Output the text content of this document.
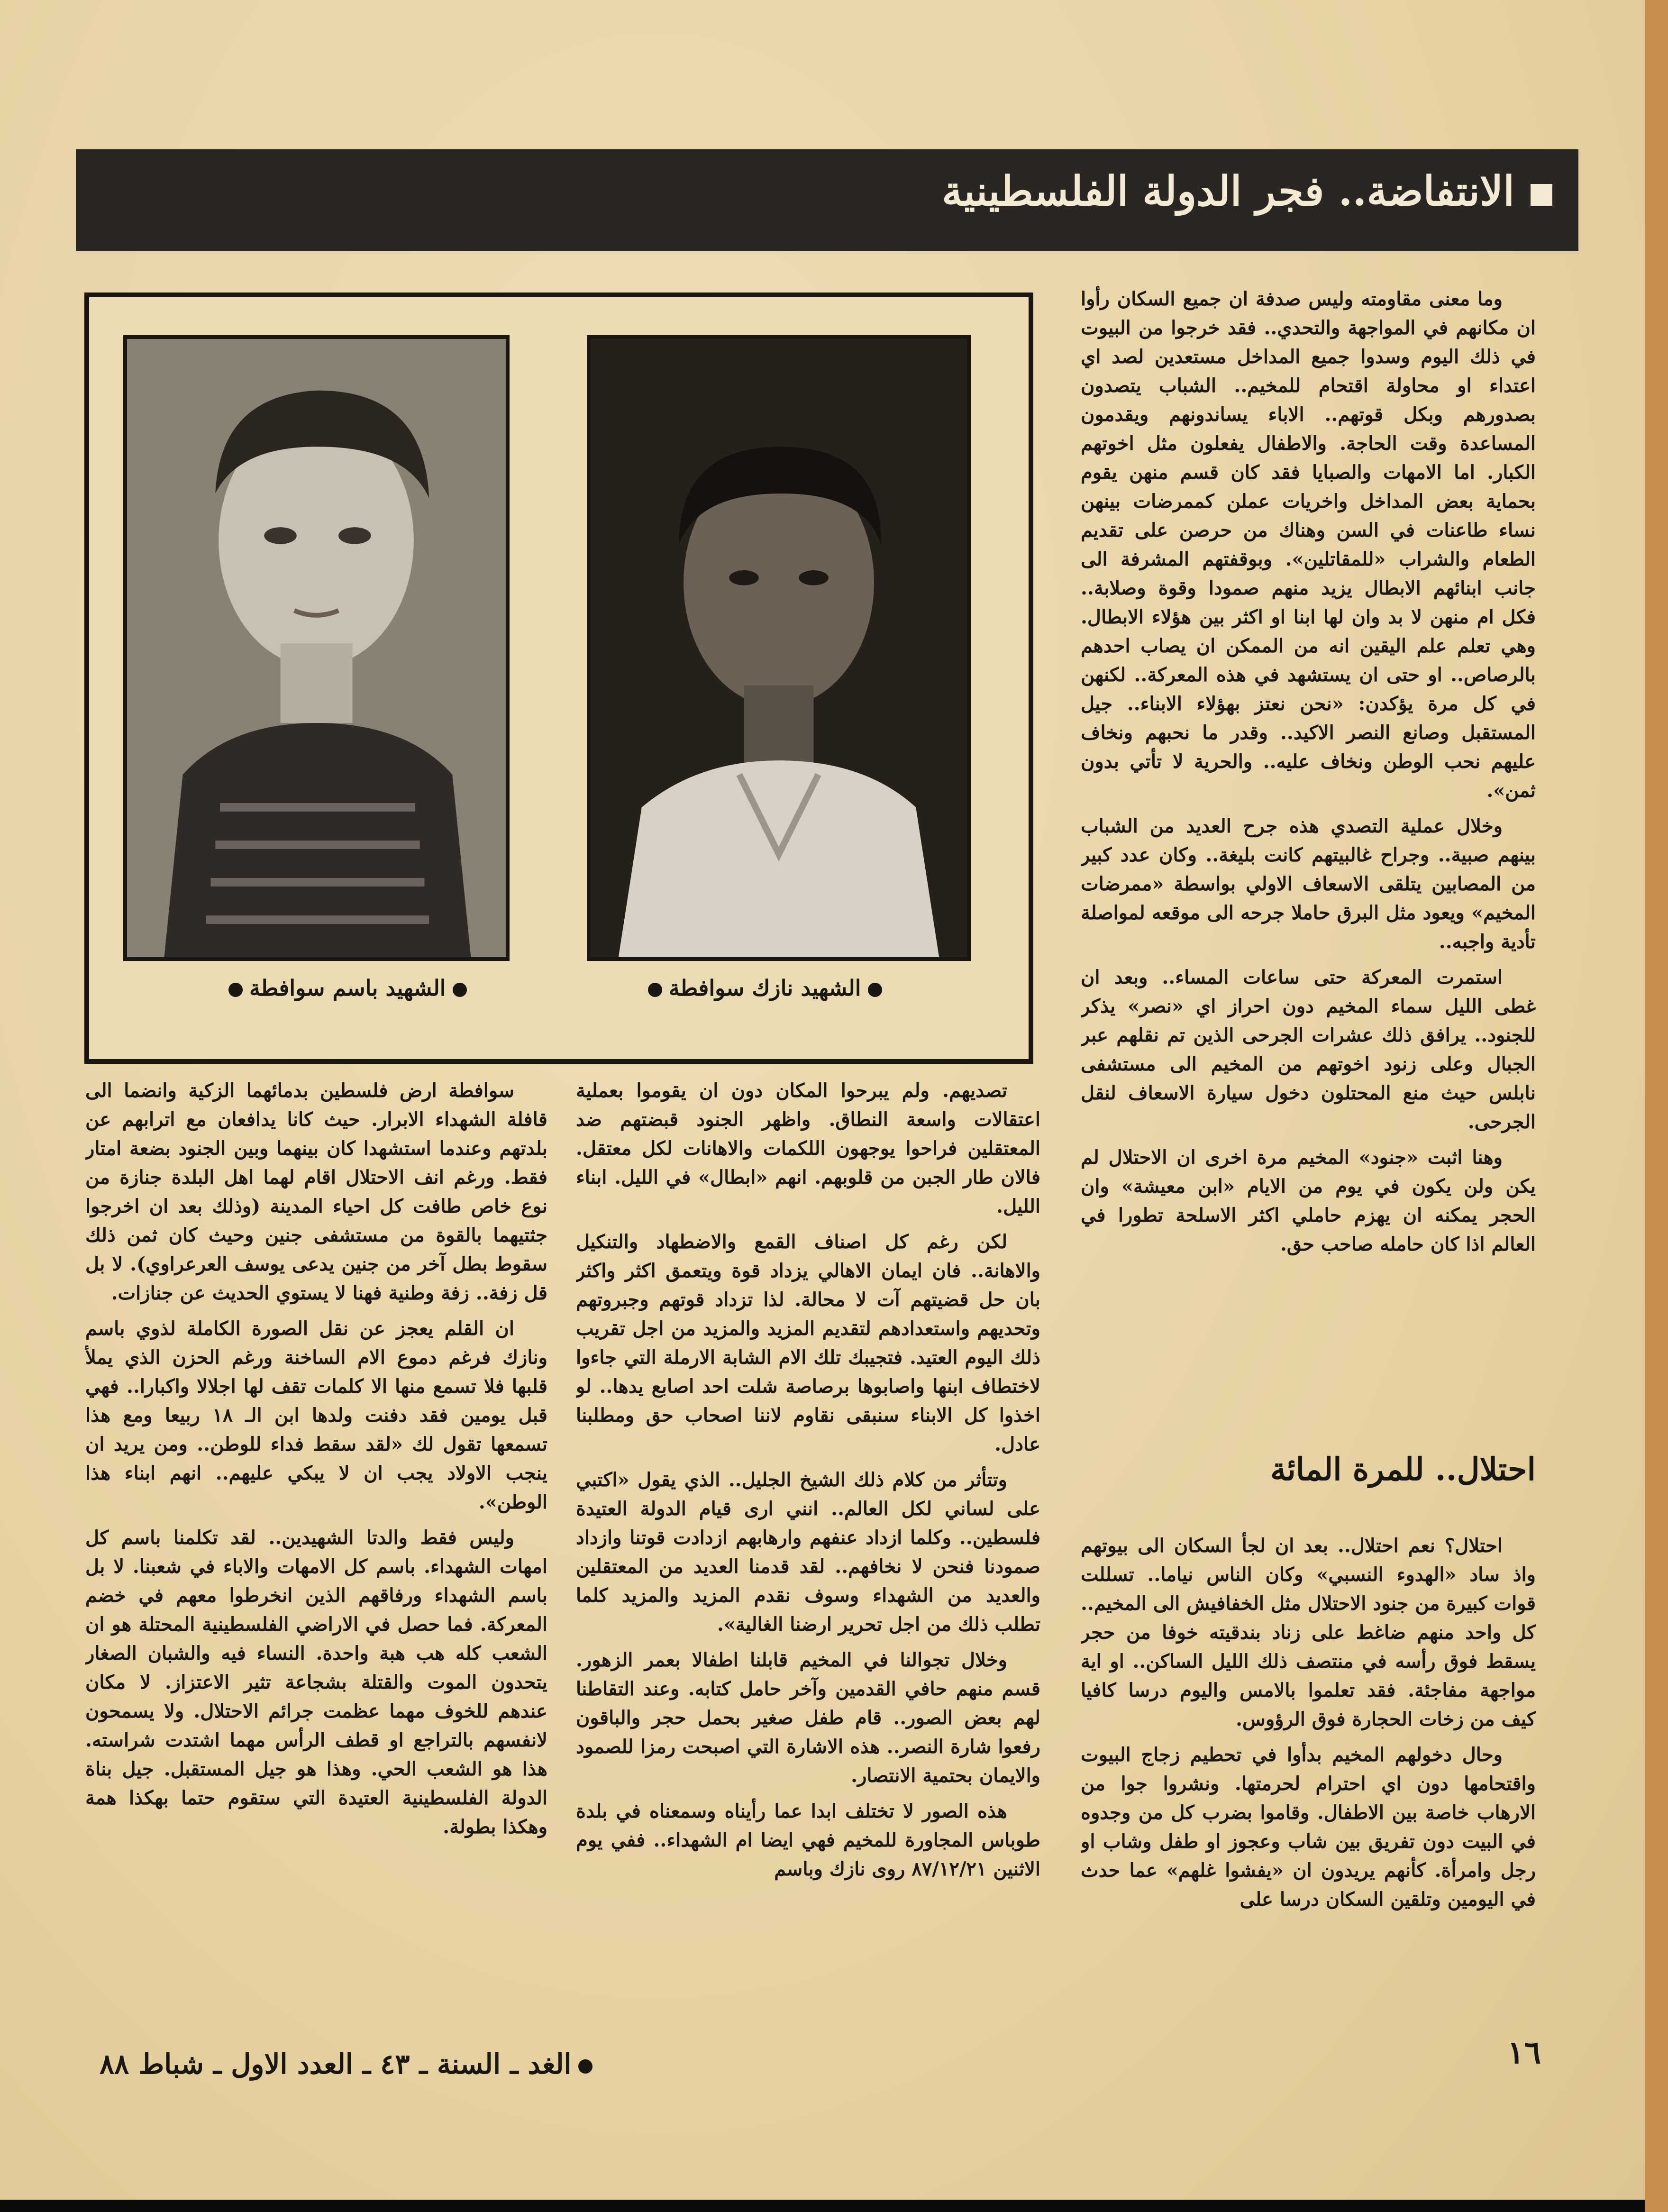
الانتفاضة.. فجر الدولة الفلسطينية
الشهيد باسم سوافطة	الشهيد نازك سوافطة

وما معنى مقاومته وليس صدفة ان جميع السكان رأوا ان مكانهم في المواجهة والتحدي.. فقد خرجوا من البيوت في ذلك اليوم وسدوا جميع المداخل مستعدين لصد اي اعتداء او محاولة اقتحام للمخيم.. الشباب يتصدون بصدورهم وبكل قوتهم.. الاباء يساندونهم ويقدمون المساعدة وقت الحاجة. والاطفال يفعلون مثل اخوتهم الكبار. اما الامهات والصبايا فقد كان قسم منهن يقوم بحماية بعض المداخل واخريات عملن كممرضات بينهن نساء طاعنات في السن وهناك من حرصن على تقديم الطعام والشراب «للمقاتلين». وبوقفتهم المشرفة الى جانب ابنائهم الابطال يزيد منهم صمودا وقوة وصلابة.. فكل ام منهن لا بد وان لها ابنا او اكثر بين هؤلاء الابطال. وهي تعلم علم اليقين انه من الممكن ان يصاب احدهم بالرصاص.. او حتى ان يستشهد في هذه المعركة.. لكنهن في كل مرة يؤكدن: «نحن نعتز بهؤلاء الابناء.. جيل المستقبل وصانع النصر الاكيد.. وقدر ما نحبهم ونخاف عليهم نحب الوطن ونخاف عليه.. والحرية لا تأتي بدون ثمن».

وخلال عملية التصدي هذه جرح العديد من الشباب بينهم صبية.. وجراح غالبيتهم كانت بليغة.. وكان عدد كبير من المصابين يتلقى الاسعاف الاولي بواسطة «ممرضات المخيم» ويعود مثل البرق حاملا جرحه الى موقعه لمواصلة تأدية واجبه..

استمرت المعركة حتى ساعات المساء.. وبعد ان غطى الليل سماء المخيم دون احراز اي «نصر» يذكر للجنود.. يرافق ذلك عشرات الجرحى الذين تم نقلهم عبر الجبال وعلى زنود اخوتهم من المخيم الى مستشفى نابلس حيث منع المحتلون دخول سيارة الاسعاف لنقل الجرحى.

وهنا اثبت «جنود» المخيم مرة اخرى ان الاحتلال لم يكن ولن يكون في يوم من الايام «ابن معيشة» وان الحجر يمكنه ان يهزم حاملي اكثر الاسلحة تطورا في العالم اذا كان حامله صاحب حق.

احتلال.. للمرة المائة

احتلال؟ نعم احتلال.. بعد ان لجأ السكان الى بيوتهم واذ ساد «الهدوء النسبي» وكان الناس نياما.. تسللت قوات كبيرة من جنود الاحتلال مثل الخفافيش الى المخيم.. كل واحد منهم ضاغط على زناد بندقيته خوفا من حجر يسقط فوق رأسه في منتصف ذلك الليل الساكن.. او اية مواجهة مفاجئة. فقد تعلموا بالامس واليوم درسا كافيا كيف من زخات الحجارة فوق الرؤوس.

وحال دخولهم المخيم بدأوا في تحطيم زجاج البيوت واقتحامها دون اي احترام لحرمتها. ونشروا جوا من الارهاب خاصة بين الاطفال. وقاموا بضرب كل من وجدوه في البيت دون تفريق بين شاب وعجوز او طفل وشاب او رجل وامرأة. كأنهم يريدون ان «يفشوا غلهم» عما حدث في اليومين وتلقين السكان درسا على

تصديهم. ولم يبرحوا المكان دون ان يقوموا بعملية اعتقالات واسعة النطاق. واظهر الجنود قبضتهم ضد المعتقلين فراحوا يوجهون اللكمات والاهانات لكل معتقل. فالان طار الجبن من قلوبهم. انهم «ابطال» في الليل. ابناء الليل.

لكن رغم كل اصناف القمع والاضطهاد والتنكيل والاهانة.. فان ايمان الاهالي يزداد قوة ويتعمق اكثر واكثر بان حل قضيتهم آت لا محالة. لذا تزداد قوتهم وجبروتهم وتحديهم واستعدادهم لتقديم المزيد والمزيد من اجل تقريب ذلك اليوم العتيد. فتجيبك تلك الام الشابة الارملة التي جاءوا لاختطاف ابنها واصابوها برصاصة شلت احد اصابع يدها.. لو اخذوا كل الابناء سنبقى نقاوم لاننا اصحاب حق ومطلبنا عادل.

وتتأثر من كلام ذلك الشيخ الجليل.. الذي يقول «اكتبي على لساني لكل العالم.. انني ارى قيام الدولة العتيدة فلسطين.. وكلما ازداد عنفهم وارهابهم ازدادت قوتنا وازداد صمودنا فنحن لا نخافهم.. لقد قدمنا العديد من المعتقلين والعديد من الشهداء وسوف نقدم المزيد والمزيد كلما تطلب ذلك من اجل تحرير ارضنا الغالية».

وخلال تجوالنا في المخيم قابلنا اطفالا بعمر الزهور. قسم منهم حافي القدمين وآخر حامل كتابه. وعند التقاطنا لهم بعض الصور.. قام طفل صغير بحمل حجر والباقون رفعوا شارة النصر.. هذه الاشارة التي اصبحت رمزا للصمود والايمان بحتمية الانتصار.

هذه الصور لا تختلف ابدا عما رأيناه وسمعناه في بلدة طوباس المجاورة للمخيم فهي ايضا ام الشهداء.. ففي يوم الاثنين ٨٧/١٢/٢١ روى نازك وباسم

سوافطة ارض فلسطين بدمائهما الزكية وانضما الى قافلة الشهداء الابرار. حيث كانا يدافعان مع اترابهم عن بلدتهم وعندما استشهدا كان بينهما وبين الجنود بضعة امتار فقط. ورغم انف الاحتلال اقام لهما اهل البلدة جنازة من نوع خاص طافت كل احياء المدينة (وذلك بعد ان اخرجوا جثتيهما بالقوة من مستشفى جنين وحيث كان ثمن ذلك سقوط بطل آخر من جنين يدعى يوسف العرعراوي). لا بل قل زفة.. زفة وطنية فهنا لا يستوي الحديث عن جنازات.

ان القلم يعجز عن نقل الصورة الكاملة لذوي باسم ونازك فرغم دموع الام الساخنة ورغم الحزن الذي يملأ قلبها فلا تسمع منها الا كلمات تقف لها اجلالا واكبارا.. فهي قبل يومين فقد دفنت ولدها ابن الـ ١٨ ربيعا ومع هذا تسمعها تقول لك «لقد سقط فداء للوطن.. ومن يريد ان ينجب الاولاد يجب ان لا يبكي عليهم.. انهم ابناء هذا الوطن».

وليس فقط والدتا الشهيدين.. لقد تكلمنا باسم كل امهات الشهداء. باسم كل الامهات والاباء في شعبنا. لا بل باسم الشهداء ورفاقهم الذين انخرطوا معهم في خضم المعركة. فما حصل في الاراضي الفلسطينية المحتلة هو ان الشعب كله هب هبة واحدة. النساء فيه والشبان الصغار يتحدون الموت والقتلة بشجاعة تثير الاعتزاز. لا مكان عندهم للخوف مهما عظمت جرائم الاحتلال. ولا يسمحون لانفسهم بالتراجع او قطف الرأس مهما اشتدت شراسته. هذا هو الشعب الحي. وهذا هو جيل المستقبل. جيل بناة الدولة الفلسطينية العتيدة التي ستقوم حتما بهكذا همة وهكذا بطولة.

الغد ـ السنة ـ ٤٣ ـ العدد الاول ـ شباط ٨٨	١٦
